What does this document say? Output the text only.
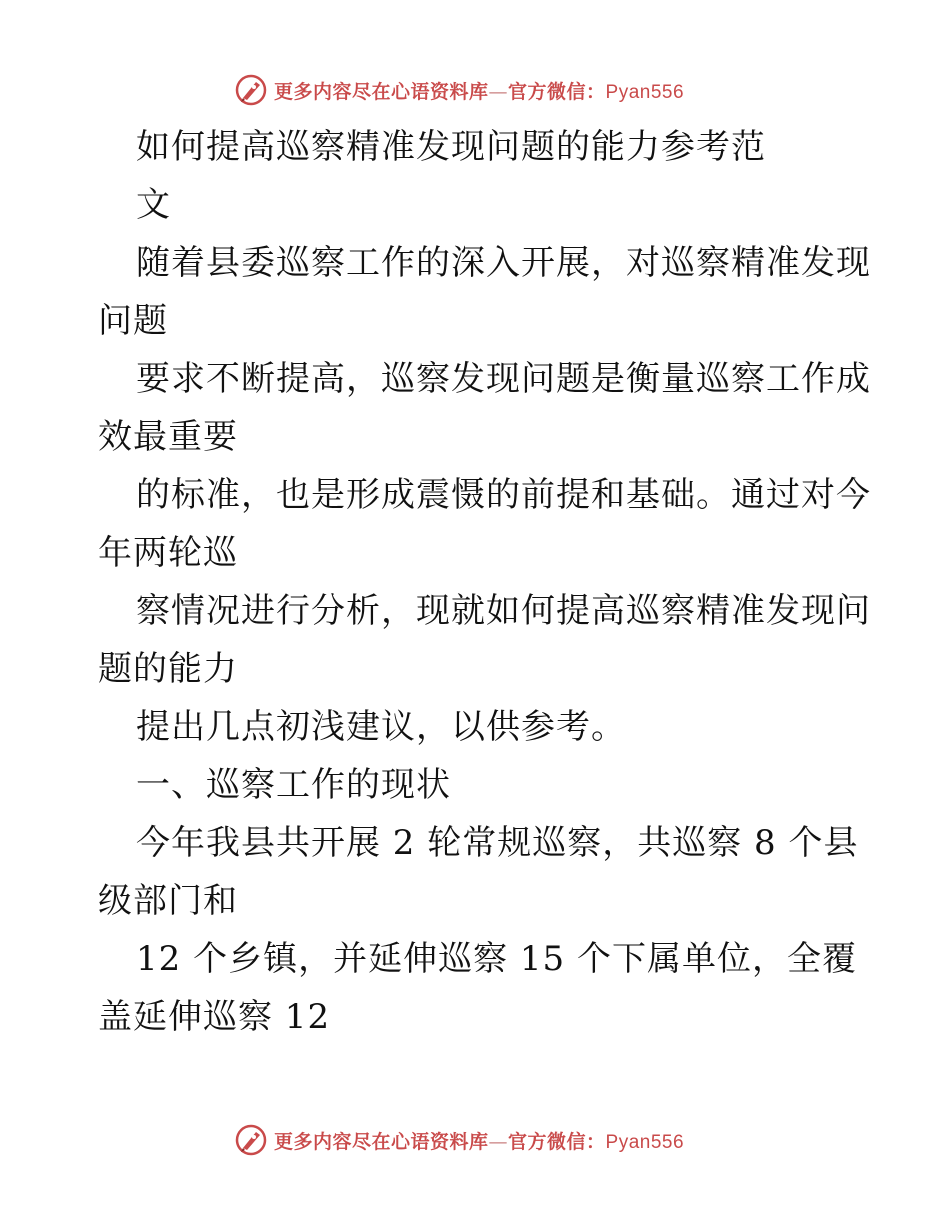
更多内容尽在心语资料库—官方微信：Pyan556
如何提高巡察精准发现问题的能力参考范
文
随着县委巡察工作的深入开展，对巡察精准发现
问题
要求不断提高，巡察发现问题是衡量巡察工作成
效最重要
的标准，也是形成震慑的前提和基础。通过对今
年两轮巡
察情况进行分析，现就如何提高巡察精准发现问
题的能力
提出几点初浅建议，以供参考。
一、巡察工作的现状
今年我县共开展 2 轮常规巡察，共巡察 8 个县
级部门和
12 个乡镇，并延伸巡察 15 个下属单位，全覆
盖延伸巡察 12
更多内容尽在心语资料库—官方微信：Pyan556
